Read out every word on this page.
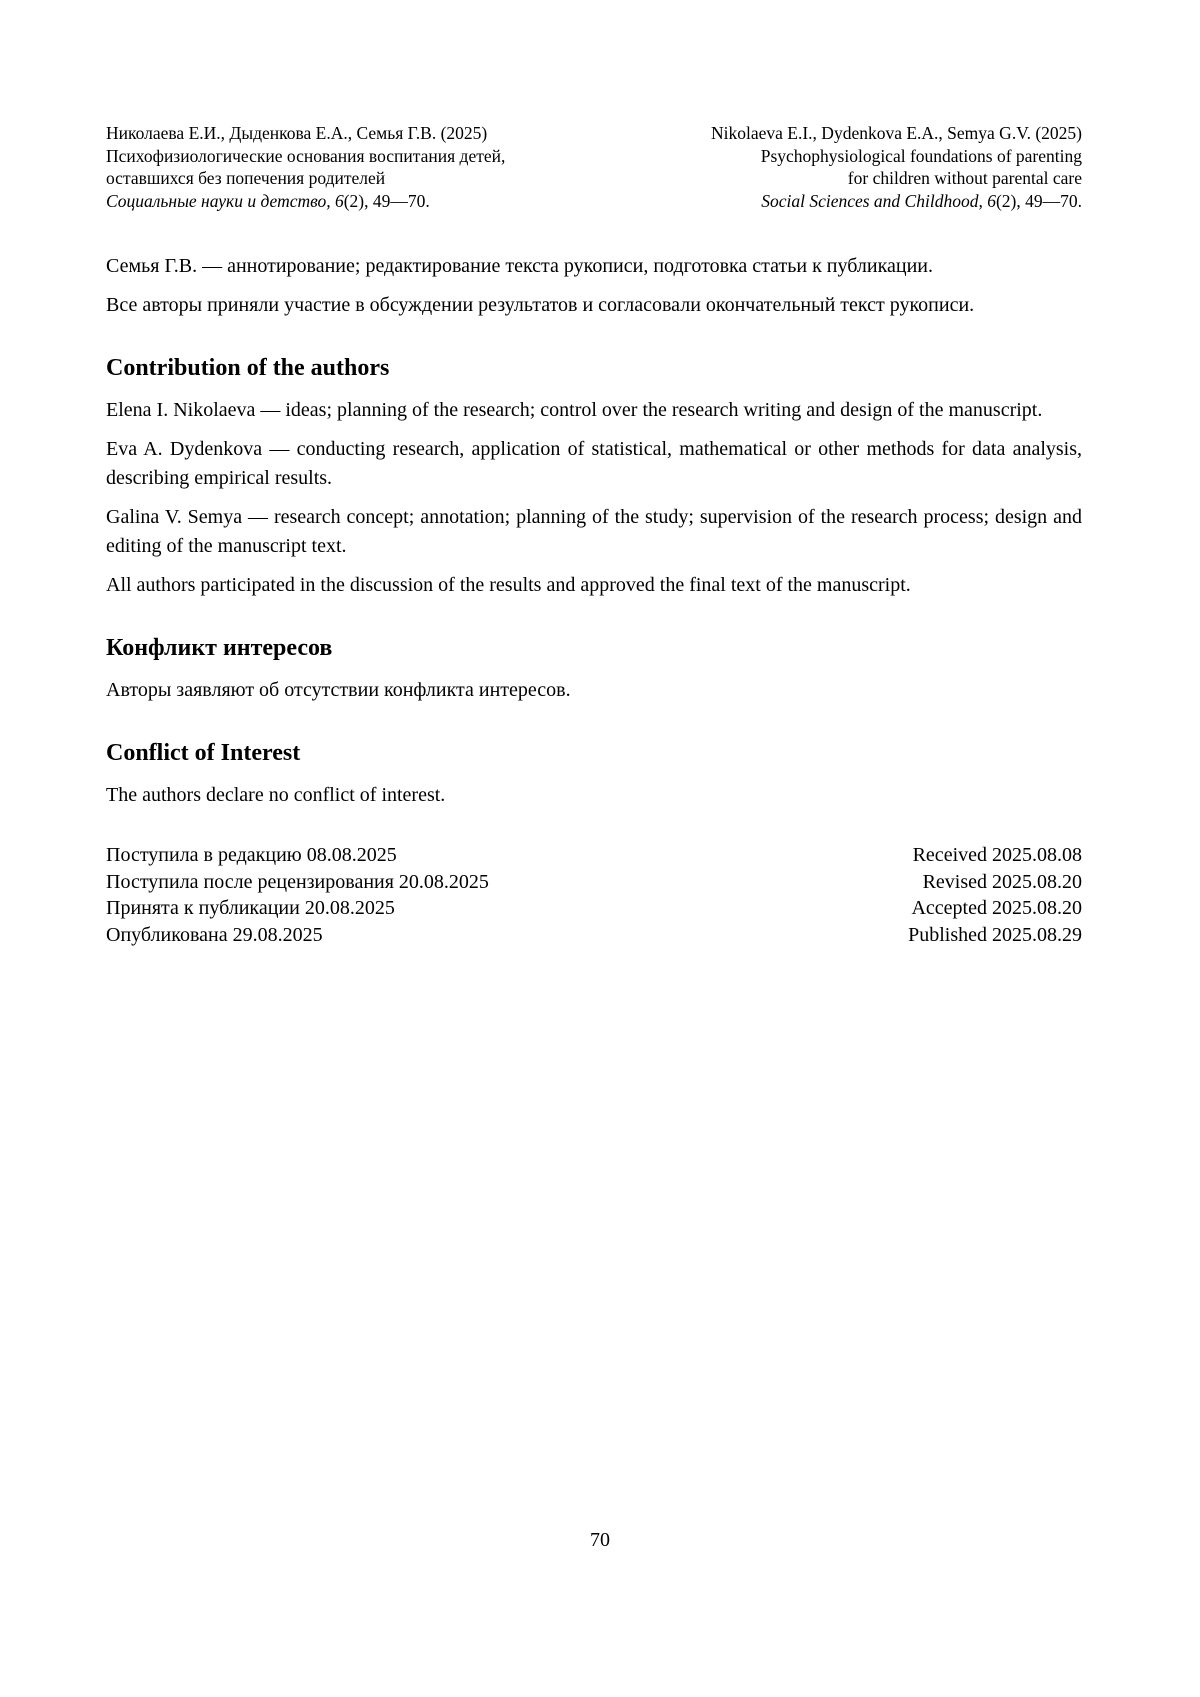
Николаева Е.И., Дыденкова Е.А., Семья Г.В. (2025)
Психофизиологические основания воспитания детей,
оставшихся без попечения родителей
Социальные науки и детство, 6(2), 49—70.
Nikolaeva E.I., Dydenkova E.A., Semya G.V. (2025)
Psychophysiological foundations of parenting
for children without parental care
Social Sciences and Childhood, 6(2), 49—70.

Семья Г.В. — аннотирование; редактирование текста рукописи, подготовка статьи к публикации.

Все авторы приняли участие в обсуждении результатов и согласовали окончательный текст рукописи.

Contribution of the authors

Elena I. Nikolaeva — ideas; planning of the research; control over the research writing and design of the manuscript.

Eva A. Dydenkova — conducting research, application of statistical, mathematical or other methods for data analysis, describing empirical results.

Galina V. Semya — research concept; annotation; planning of the study; supervision of the research process; design and editing of the manuscript text.

All authors participated in the discussion of the results and approved the final text of the manuscript.

Конфликт интересов

Авторы заявляют об отсутствии конфликта интересов.

Conflict of Interest

The authors declare no conflict of interest.

Поступила в редакцию 08.08.2025	Received 2025.08.08
Поступила после рецензирования 20.08.2025	Revised 2025.08.20
Принята к публикации 20.08.2025	Accepted 2025.08.20
Опубликована 29.08.2025	Published 2025.08.29
70
